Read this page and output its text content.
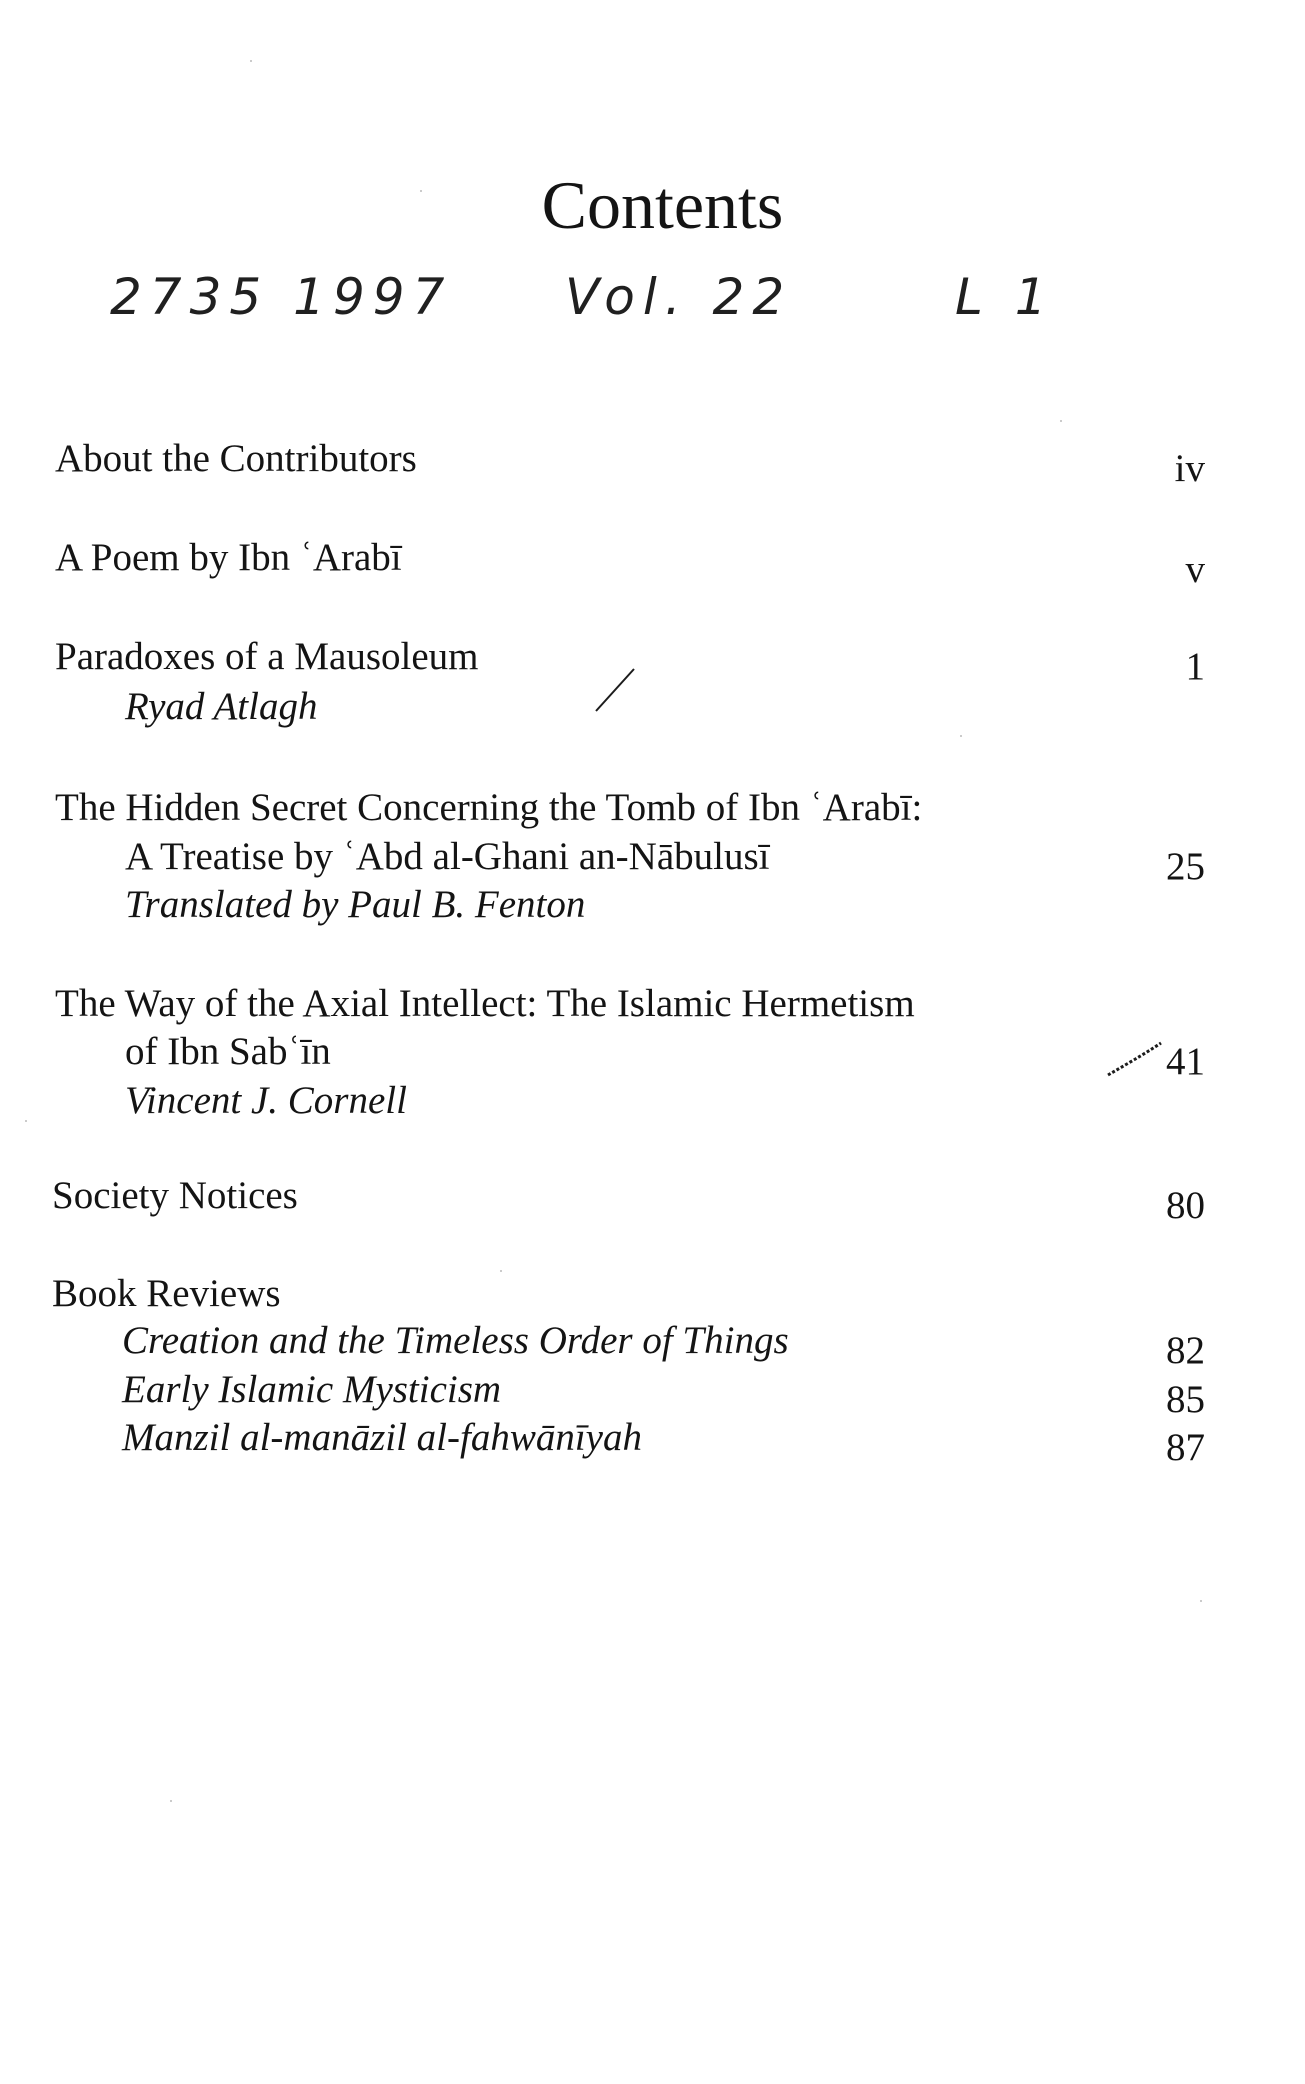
Contents
2735 1997 Vol. 22	L 1
About the Contributors	iv
A Poem by Ibn ʿArabī	v
Paradoxes of a Mausoleum	1
Ryad Atlagh
The Hidden Secret Concerning the Tomb of Ibn ʿArabī:
A Treatise by ʿAbd al-Ghani an-Nābulusī	25
Translated by Paul B. Fenton
The Way of the Axial Intellect: The Islamic Hermetism
of Ibn Sabʿīn	41
Vincent J. Cornell
Society Notices	80
Book Reviews
Creation and the Timeless Order of Things	82
Early Islamic Mysticism	85
Manzil al-manāzil al-fahwānīyah	87
